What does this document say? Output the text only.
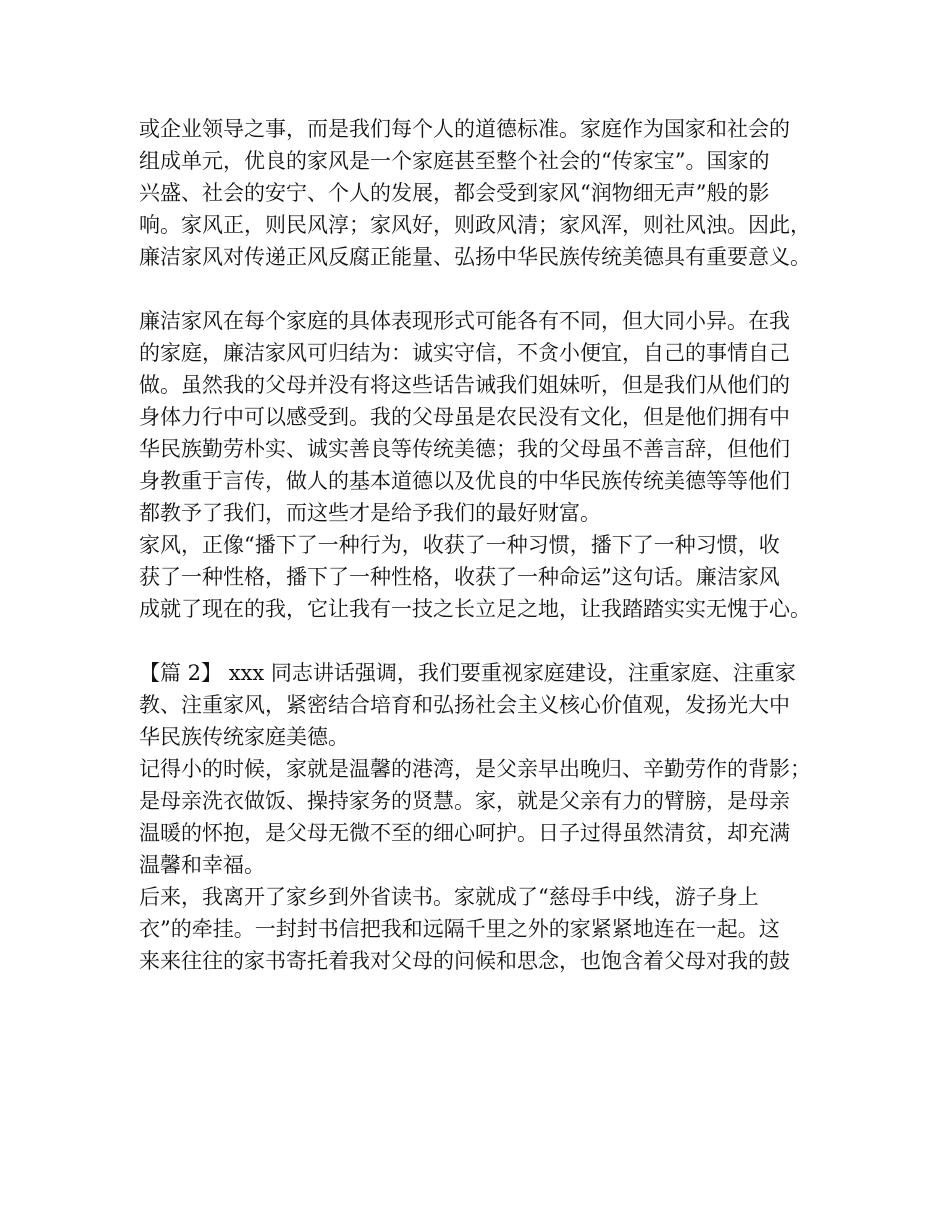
或企业领导之事，而是我们每个人的道德标准。家庭作为国家和社会的
组成单元，优良的家风是一个家庭甚至整个社会的“传家宝”。国家的
兴盛、社会的安宁、个人的发展，都会受到家风“润物细无声”般的影
响。家风正，则民风淳；家风好，则政风清；家风浑，则社风浊。因此，
廉洁家风对传递正风反腐正能量、弘扬中华民族传统美德具有重要意义。
廉洁家风在每个家庭的具体表现形式可能各有不同，但大同小异。在我
的家庭，廉洁家风可归结为：诚实守信，不贪小便宜，自己的事情自己
做。虽然我的父母并没有将这些话告诫我们姐妹听，但是我们从他们的
身体力行中可以感受到。我的父母虽是农民没有文化，但是他们拥有中
华民族勤劳朴实、诚实善良等传统美德；我的父母虽不善言辞，但他们
身教重于言传，做人的基本道德以及优良的中华民族传统美德等等他们
都教予了我们，而这些才是给予我们的最好财富。
家风，正像“播下了一种行为，收获了一种习惯，播下了一种习惯，收
获了一种性格，播下了一种性格，收获了一种命运”这句话。廉洁家风
成就了现在的我，它让我有一技之长立足之地，让我踏踏实实无愧于心。
【篇 2】 xxx 同志讲话强调，我们要重视家庭建设，注重家庭、注重家
教、注重家风，紧密结合培育和弘扬社会主义核心价值观，发扬光大中
华民族传统家庭美德。
记得小的时候，家就是温馨的港湾，是父亲早出晚归、辛勤劳作的背影；
是母亲洗衣做饭、操持家务的贤慧。家，就是父亲有力的臂膀，是母亲
温暖的怀抱，是父母无微不至的细心呵护。日子过得虽然清贫，却充满
温馨和幸福。
后来，我离开了家乡到外省读书。家就成了“慈母手中线，游子身上
衣”的牵挂。一封封书信把我和远隔千里之外的家紧紧地连在一起。这
来来往往的家书寄托着我对父母的问候和思念，也饱含着父母对我的鼓
